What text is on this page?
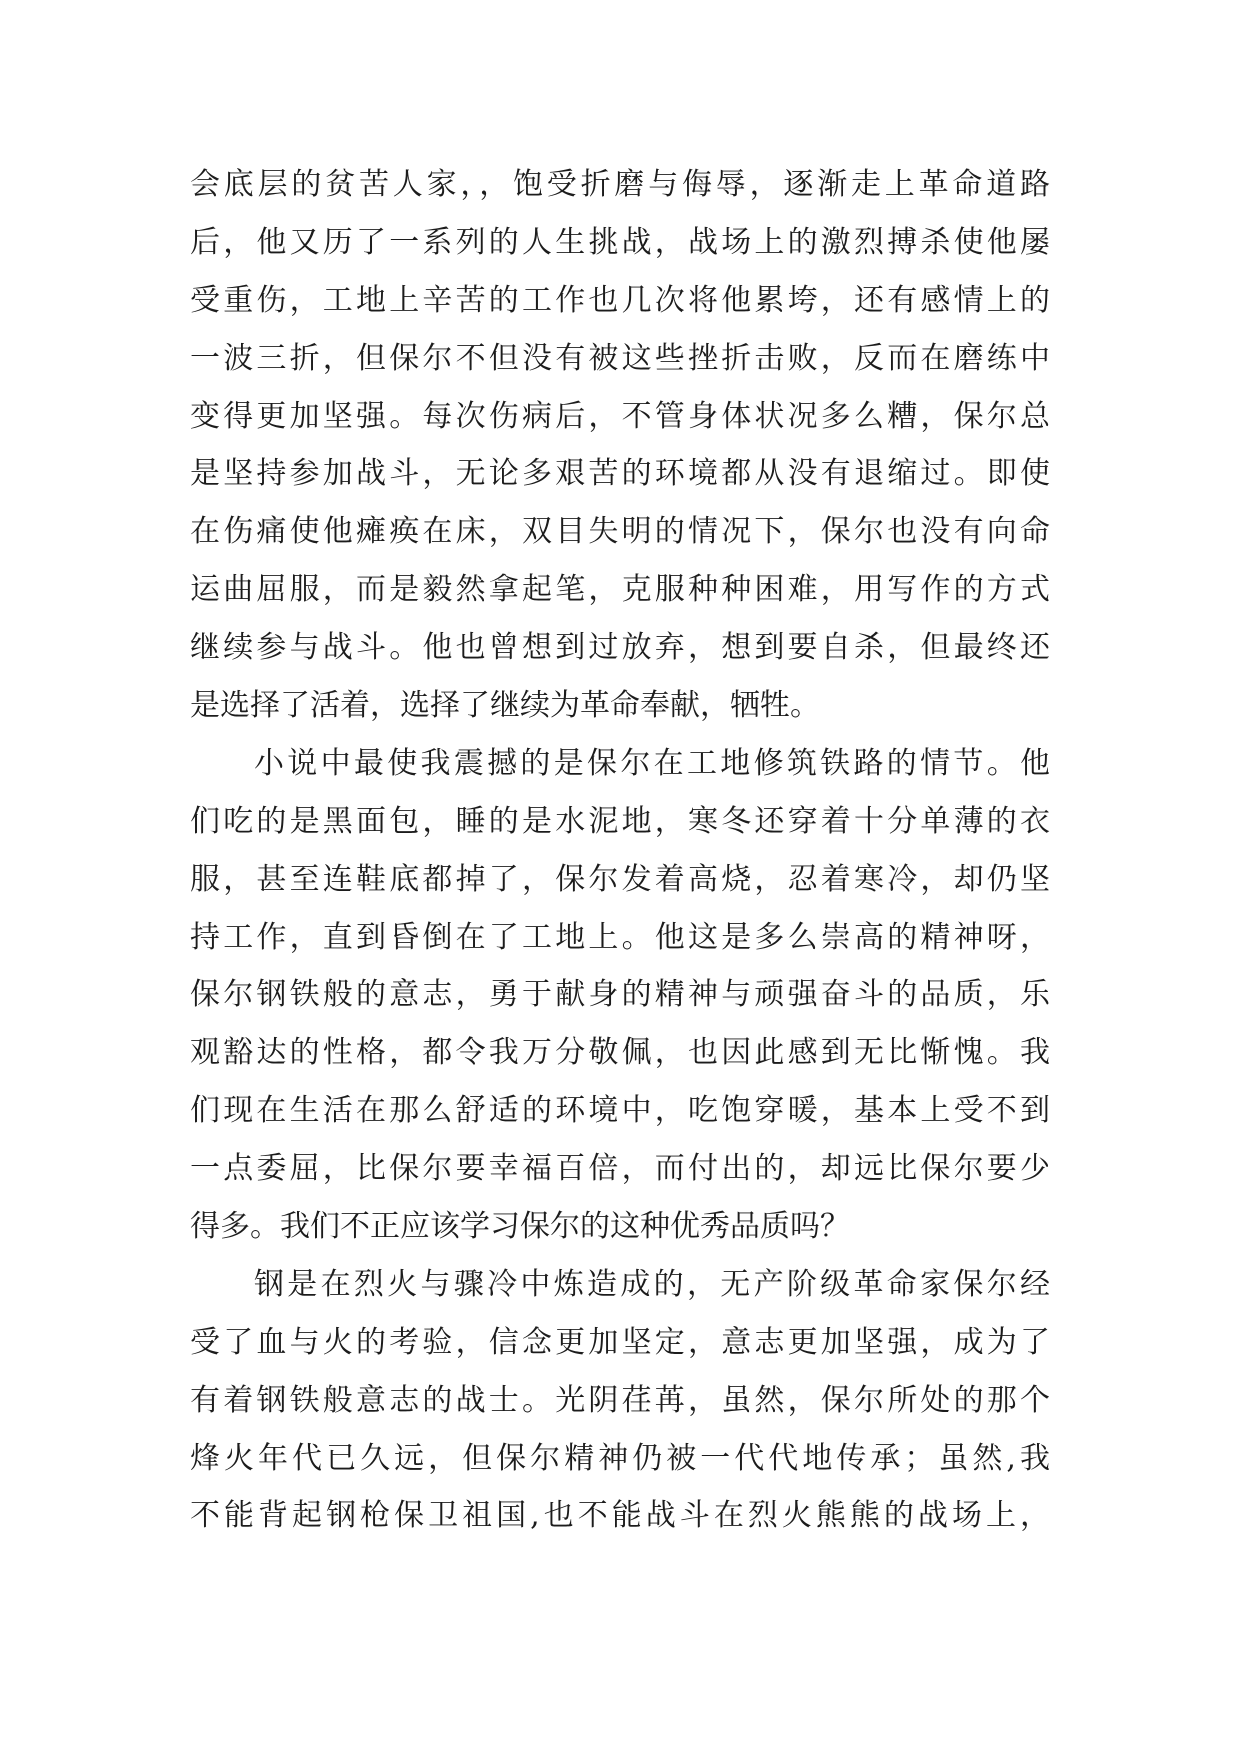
会底层的贫苦人家，，饱受折磨与侮辱，逐渐走上革命道路
后，他又历了一系列的人生挑战，战场上的激烈搏杀使他屡
受重伤，工地上辛苦的工作也几次将他累垮，还有感情上的
一波三折，但保尔不但没有被这些挫折击败，反而在磨练中
变得更加坚强。每次伤病后，不管身体状况多么糟，保尔总
是坚持参加战斗，无论多艰苦的环境都从没有退缩过。即使
在伤痛使他瘫痪在床，双目失明的情况下，保尔也没有向命
运曲屈服，而是毅然拿起笔，克服种种困难，用写作的方式
继续参与战斗。他也曾想到过放弃，想到要自杀，但最终还
是选择了活着，选择了继续为革命奉献，牺牲。
小说中最使我震撼的是保尔在工地修筑铁路的情节。他
们吃的是黑面包，睡的是水泥地，寒冬还穿着十分单薄的衣
服，甚至连鞋底都掉了，保尔发着高烧，忍着寒冷，却仍坚
持工作，直到昏倒在了工地上。他这是多么崇高的精神呀，
保尔钢铁般的意志，勇于献身的精神与顽强奋斗的品质，乐
观豁达的性格，都令我万分敬佩，也因此感到无比惭愧。我
们现在生活在那么舒适的环境中，吃饱穿暖，基本上受不到
一点委屈，比保尔要幸福百倍，而付出的，却远比保尔要少
得多。我们不正应该学习保尔的这种优秀品质吗？
钢是在烈火与骤冷中炼造成的，无产阶级革命家保尔经
受了血与火的考验，信念更加坚定，意志更加坚强，成为了
有着钢铁般意志的战士。光阴荏苒，虽然，保尔所处的那个
烽火年代已久远，但保尔精神仍被一代代地传承；虽然,我
不能背起钢枪保卫祖国,也不能战斗在烈火熊熊的战场上，
